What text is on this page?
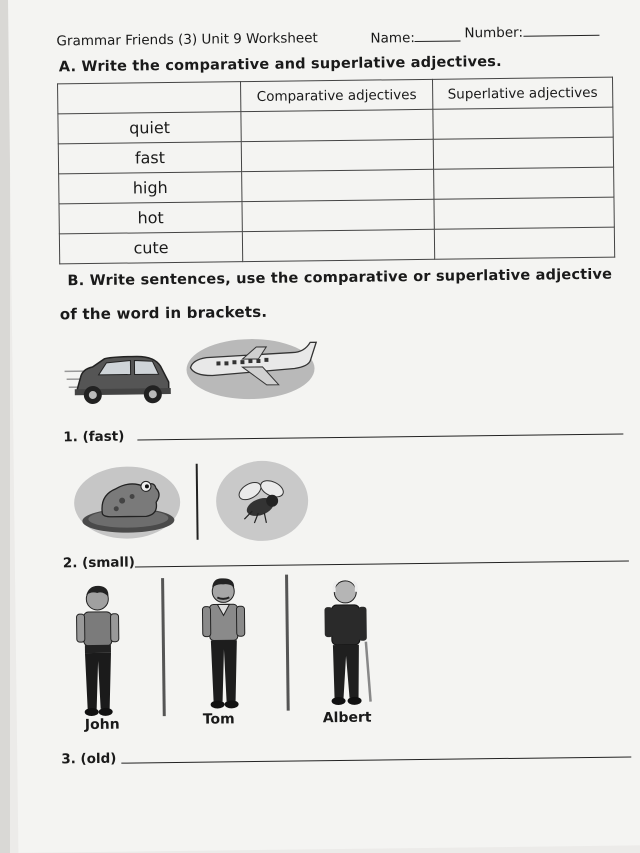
Grammar Friends (3) Unit 9 Worksheet	Name:	Number:
A. Write the comparative and superlative adjectives.
	Comparative adjectives	Superlative adjectives
quiet		
fast		
high		
hot		
cute		
B. Write sentences, use the comparative or superlative adjective
of the word in brackets.
1. (fast)
2. (small)
John	Tom	Albert
3. (old)
